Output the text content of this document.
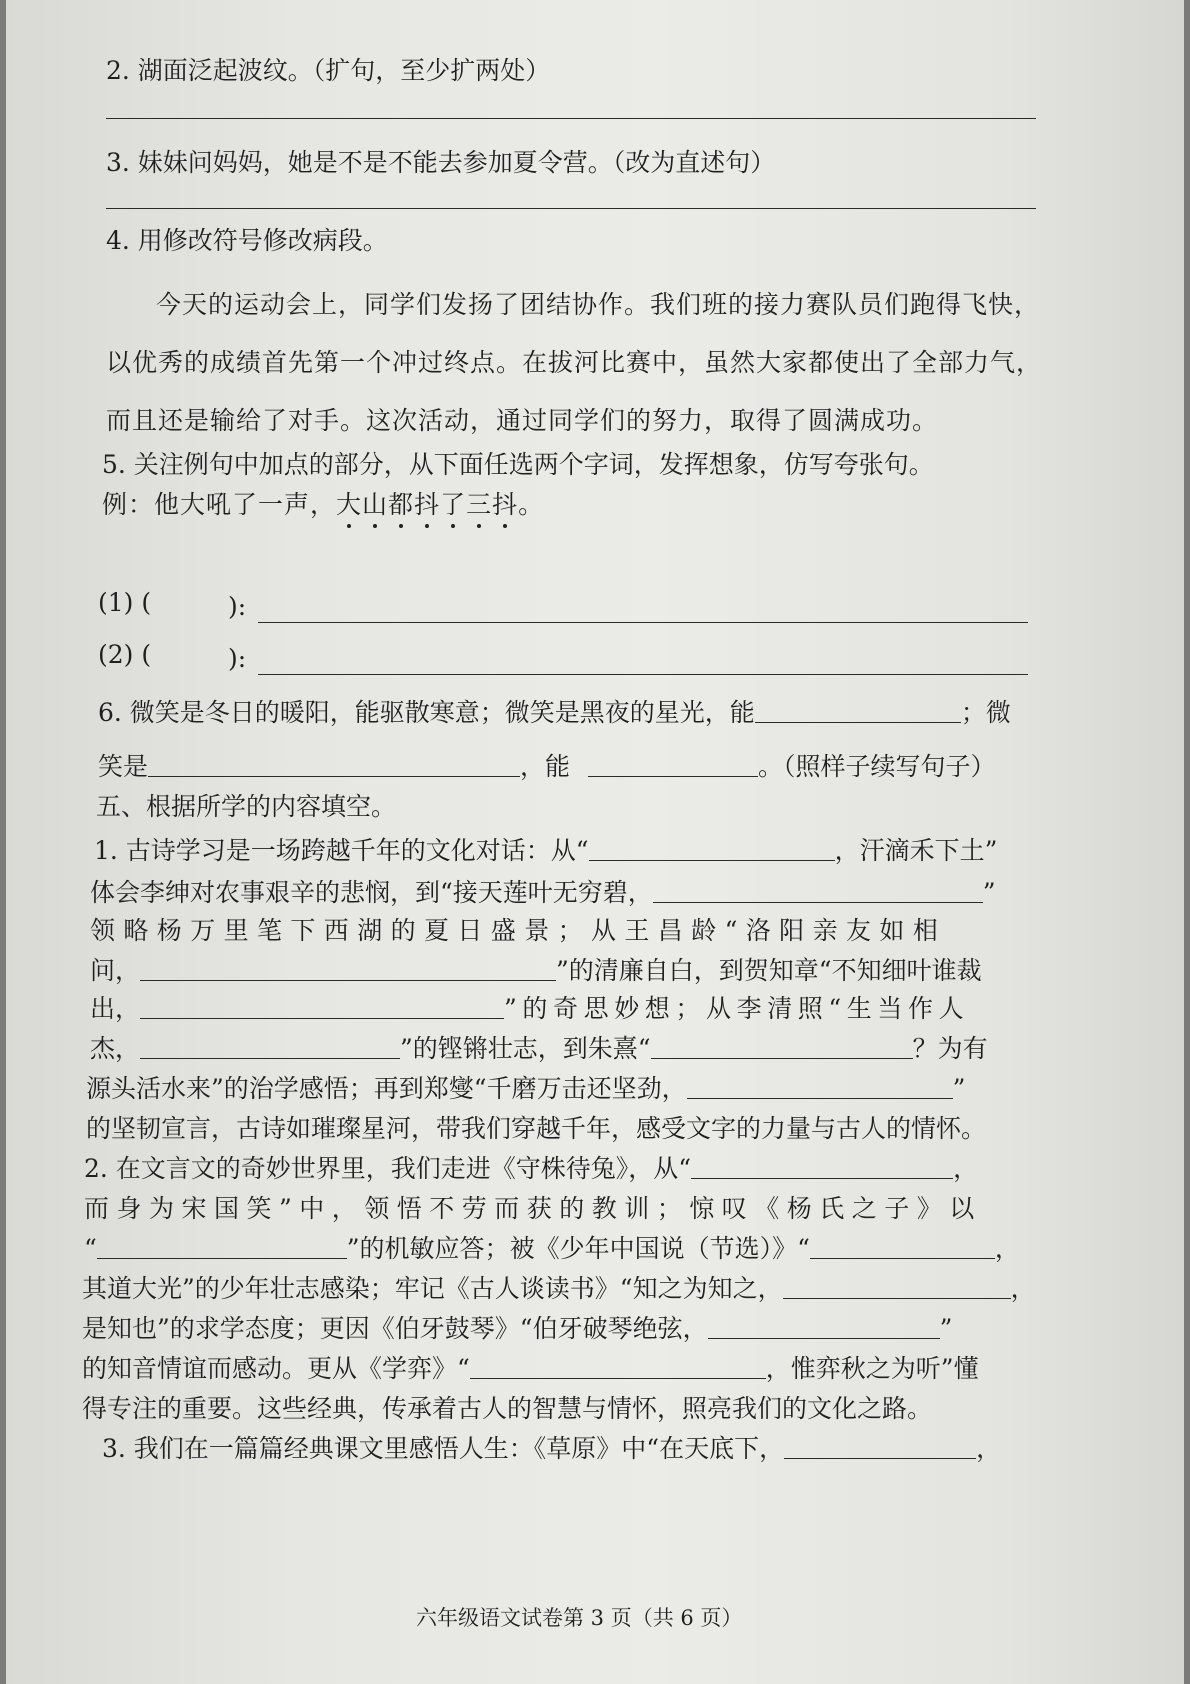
2. 湖面泛起波纹。（扩句，至少扩两处）
3. 妹妹问妈妈，她是不是不能去参加夏令营。（改为直述句）
4. 用修改符号修改病段。
今天的运动会上，同学们发扬了团结协作。我们班的接力赛队员们跑得飞快，
以优秀的成绩首先第一个冲过终点。在拔河比赛中，虽然大家都使出了全部力气，
而且还是输给了对手。这次活动，通过同学们的努力，取得了圆满成功。
5. 关注例句中加点的部分，从下面任选两个字词，发挥想象，仿写夸张句。
例：他大吼了一声，大山都抖了三抖。

(1) (	):
(2) (	):
6. 微笑是冬日的暖阳，能驱散寒意；微笑是黑夜的星光，能	；微
笑是	，能	。（照样子续写句子）
五、根据所学的内容填空。
1. 古诗学习是一场跨越千年的文化对话：从“	，汗滴禾下土”
体会李绅对农事艰辛的悲悯，到“接天莲叶无穷碧，	”
领略杨万里笔下西湖的夏日盛景；从王昌龄“洛阳亲友如相
问，	”的清廉自白，到贺知章“不知细叶谁裁
出，	”的奇思妙想；从李清照“生当作人
杰，	”的铿锵壮志，到朱熹“	？为有
源头活水来”的治学感悟；再到郑燮“千磨万击还坚劲，	”
的坚韧宣言，古诗如璀璨星河，带我们穿越千年，感受文字的力量与古人的情怀。
2. 在文言文的奇妙世界里，我们走进《守株待兔》，从“	，
而身为宋国笑”中，领悟不劳而获的教训；惊叹《杨氏之子》以
“	”的机敏应答；被《少年中国说（节选）》“	，
其道大光”的少年壮志感染；牢记《古人谈读书》“知之为知之，	，
是知也”的求学态度；更因《伯牙鼓琴》“伯牙破琴绝弦，	”
的知音情谊而感动。更从《学弈》“	，惟弈秋之为听”懂
得专注的重要。这些经典，传承着古人的智慧与情怀，照亮我们的文化之路。
3. 我们在一篇篇经典课文里感悟人生：《草原》中“在天底下，	，
六年级语文试卷第 3 页（共 6 页）
